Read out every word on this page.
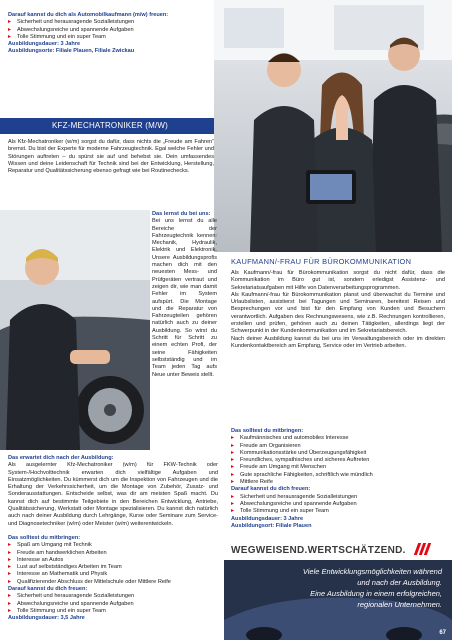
Darauf kannst du dich als Automobilkaufmann (m/w) freuen:
▸ Sicherheit und herausragende Sozialleistungen
▸ Abwechslungsreiche und spannende Aufgaben
▸ Tolle Stimmung und ein super Team
Ausbildungsdauer: 3 Jahre
Ausbildungsorte: Filiale Plauen, Filiale Zwickau
KFZ-MECHATRONIKER (M/W)

Als Kfz-Mechatroniker (w/m) sorgst du dafür, dass nichts die „Freude am Fahren“ bremst. Du bist der Experte für moderne Fahrzeugtechnik. Egal welche Fehler und Störungen auftreten – du spürst sie auf und behebst sie. Dein umfassendes Wissen und deine Leidenschaft für Technik sind bei der Entwicklung, Herstellung, Reparatur und Qualitätssicherung ebenso gefragt wie bei Routinechecks.

Das lernst du bei uns:

Bei uns lernst du alle Bereiche der Fahrzeugtechnik kennen: Mechanik, Hydraulik, Elektrik und Elektronik. Unsere Ausbildungsprofis machen dich mit den neuesten Mess- und Prüfgeräten vertraut und zeigen dir, wie man damit Fehler im System aufspürt. Die Montage und die Reparatur von Fahrzeugteilen gehören natürlich auch zu deiner Ausbildung. So wirst du Schritt für Schritt zu einem echten Profi, der seine Fähigkeiten selbstständig und im Team jeden Tag aufs Neue unter Beweis stellt.

KAUFMANN/-FRAU FÜR BÜROKOMMUNIKATION

Als Kaufmann/-frau für Bürokommunikation sorgst du nicht dafür, dass die Kommunikation im Büro gut ist, sondern erledigst Assistenz- und Sekretariatsaufgaben mit Hilfe von Datenverarbeitungsprogrammen.

Als Kaufmann/-frau für Bürokommunikation planst und überwachst du Termine und Urlaubslisten, assistierst bei Tagungen und Seminaren, bereitest Reisen und Besprechungen vor und bist für den Empfang von Kunden und Besuchern verantwortlich. Aufgaben des Rechnungswesens, wie z.B. Rechnungen kontrollieren, erstellen und prüfen, gehören auch zu deinen Tätigkeiten, allerdings liegt der Schwerpunkt in der Kundenkommunikation und im Sekretariatsbereich.

Nach deiner Ausbildung kannst du bei uns im Verwaltungsbereich oder im direkten Kundenkontaktbereich am Empfang, Service oder im Vertrieb arbeiten.

Das solltest du mitbringen:
▸ Kaufmännisches und automobiles Interesse
▸ Freude am Organisieren
▸ Kommunikationsstärke und Überzeugungsfähigkeit
▸ Freundliches, sympathisches und sicheres Auftreten
▸ Freude am Umgang mit Menschen
▸ Gute sprachliche Fähigkeiten, schriftlich wie mündlich
▸ Mittlere Reife
Darauf kannst du dich freuen:
▸ Sicherheit und herausragende Sozialleistungen
▸ Abwechslungsreiche und spannende Aufgaben
▸ Tolle Stimmung und ein super Team
Ausbildungsdauer: 3 Jahre
Ausbildungsort: Filiale Plauen
Das erwartet dich nach der Ausbildung:

Als ausgelernter Kfz-Mechatroniker (w/m) für FKW-Technik oder System-/Hochvolttechnik erwarten dich vielfältige Aufgaben und Einsatzmöglichkeiten. Du kümmerst dich um die Inspektion von Fahrzeugen und die Erhaltung der Verkehrssicherheit, um die Montage von Zubehör, Zusatz- und Sonderausstattungen. Entscheide selbst, was dir am meisten Spaß macht. Du kannst dich auf bestimmte Teilgebiete in den Bereichen Entwicklung, Antriebe, Qualitätssicherung, Werkstatt oder Montage spezialisieren. Du kannst dich natürlich auch nach deiner Ausbildung durch Lehrgänge, Kurse oder Seminare zum Service- und Diagnosetechniker (w/m) oder Meister (w/m) weiterentwickeln.

Das solltest du mitbringen:
▸ Spaß am Umgang mit Technik
▸ Freude am handwerklichen Arbeiten
▸ Interesse an Autos
▸ Lust auf selbstständiges Arbeiten im Team
▸ Interesse an Mathematik und Physik
▸ Qualifizierender Abschluss der Mittelschule oder Mittlere Reife
Darauf kannst du dich freuen:
▸ Sicherheit und herausragende Sozialleistungen
▸ Abwechslungsreiche und spannende Aufgaben
▸ Tolle Stimmung und ein super Team
Ausbildungsdauer: 3,5 Jahre
WEGWEISEND.WERTSCHÄTZEND.
Viele Entwicklungsmöglichkeiten während
und nach der Ausbildung.
Eine Ausbildung in einem erfolgreichen,
regionalen Unternehmen.
67
